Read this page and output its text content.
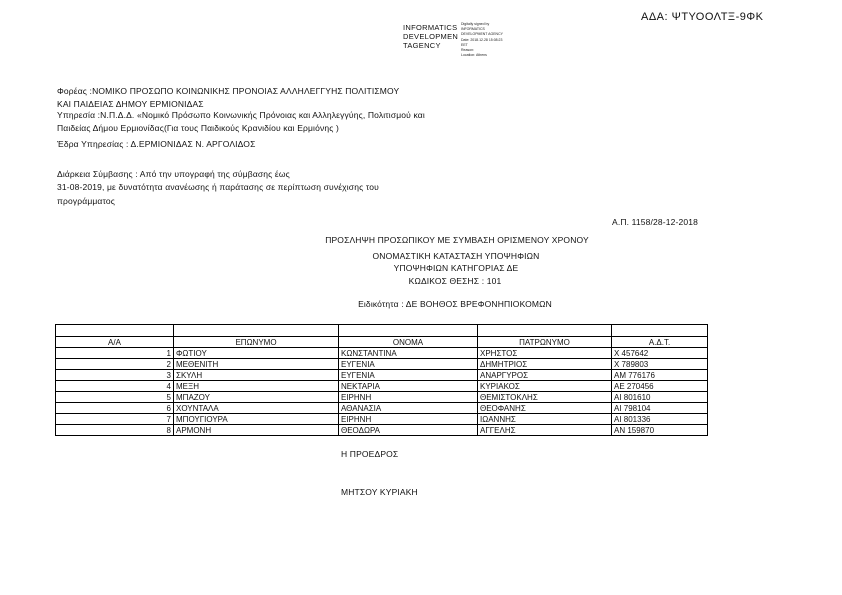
ΑΔΑ: ΨΤΥΟΟΛΤΞ-9ΦΚ
INFORMATICS
DEVELOPMEN
TAGENCY
Digitally signed by
INFORMATICS
DEVELOPMENT AGENCY
Date: 2018.12.28 15:08:23
EET
Reason:
Location: Athens
Φορέας :ΝΟΜΙΚΟ ΠΡΟΣΩΠΟ ΚΟΙΝΩΝΙΚΗΣ ΠΡΟΝΟΙΑΣ ΑΛΛΗΛΕΓΓΥΗΣ ΠΟΛΙΤΙΣΜΟΥ
ΚΑΙ ΠΑΙΔΕΙΑΣ ΔΗΜΟΥ ΕΡΜΙΟΝΙΔΑΣ
Υπηρεσία :Ν.Π.Δ.Δ. «Νομικό Πρόσωπο Κοινωνικής Πρόνοιας και Αλληλεγγύης, Πολιτισμού και
Παιδείας Δήμου Ερμιονίδας(Για τους Παιδικούς Κρανιδίου και Ερμιόνης )
Έδρα Υπηρεσίας : Δ.ΕΡΜΙΟΝΙΔΑΣ Ν. ΑΡΓΟΛΙΔΟΣ
Διάρκεια Σύμβασης : Από την υπογραφή της σύμβασης έως
31-08-2019, με δυνατότητα ανανέωσης ή παράτασης σε περίπτωση συνέχισης του
προγράμματος
Α.Π. 1158/28-12-2018
ΠΡΟΣΛΗΨΗ ΠΡΟΣΩΠΙΚΟΥ ΜΕ ΣΥΜΒΑΣΗ ΟΡΙΣΜΕΝΟΥ ΧΡΟΝΟΥ
ΟΝΟΜΑΣΤΙΚΗ ΚΑΤΑΣΤΑΣΗ ΥΠΟΨΗΦΙΩΝ
ΥΠΟΨΗΦΙΩΝ ΚΑΤΗΓΟΡΙΑΣ ΔΕ
ΚΩΔΙΚΟΣ ΘΕΣΗΣ : 101
Ειδικότητα : ΔΕ ΒΟΗΘΟΣ ΒΡΕΦΟΝΗΠΙΟΚΟΜΩΝ

Α/Α	ΕΠΩΝΥΜΟ	ΟΝΟΜΑ	ΠΑΤΡΩΝΥΜΟ	Α.Δ.Τ.
1	ΦΩΤΙΟΥ	ΚΩΝΣΤΑΝΤΙΝΑ	ΧΡΗΣΤΟΣ	Χ 457642
2	ΜΕΘΕΝΙΤΗ	ΕΥΓΕΝΙΑ	ΔΗΜΗΤΡΙΟΣ	Χ 789803
3	ΣΚΥΛΗ	ΕΥΓΕΝΙΑ	ΑΝΑΡΓΥΡΟΣ	ΑΜ 776176
4	ΜΕΞΗ	ΝΕΚΤΑΡΙΑ	ΚΥΡΙΑΚΟΣ	ΑΕ 270456
5	ΜΠΑΖΟΥ	ΕΙΡΗΝΗ	ΘΕΜΙΣΤΟΚΛΗΣ	ΑΙ 801610
6	ΧΟΥΝΤΑΛΑ	ΑΘΑΝΑΣΙΑ	ΘΕΟΦΑΝΗΣ	ΑΙ 798104
7	ΜΠΟΥΓΙΟΥΡΑ	ΕΙΡΗΝΗ	ΙΩΑΝΝΗΣ	ΑΙ 801336
8	ΑΡΜΟΝΗ	ΘΕΟΔΩΡΑ	ΑΓΓΕΛΗΣ	ΑΝ 159870
Η ΠΡΟΕΔΡΟΣ
ΜΗΤΣΟΥ ΚΥΡΙΑΚΗ
